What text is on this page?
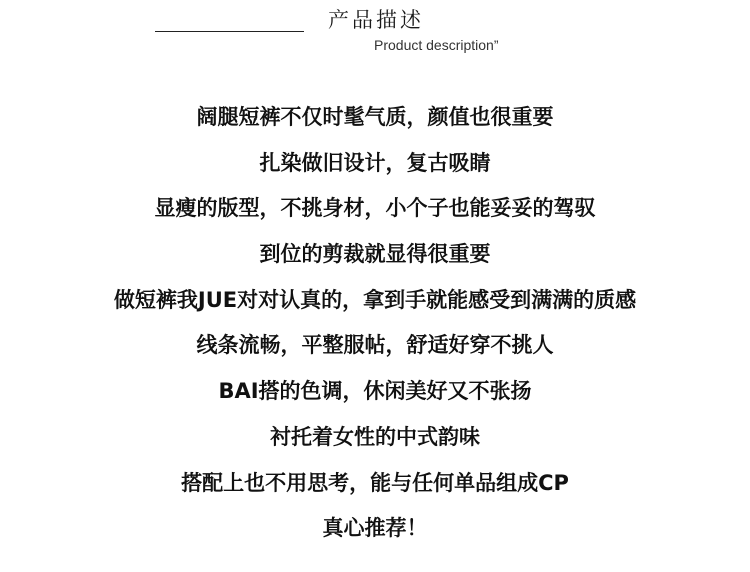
产品描述
Product description”
阔腿短裤不仅时髦气质，颜值也很重要
扎染做旧设计，复古吸睛
显瘦的版型，不挑身材，小个子也能妥妥的驾驭
到位的剪裁就显得很重要
做短裤我JUE对对认真的，拿到手就能感受到满满的质感
线条流畅，平整服帖，舒适好穿不挑人
BAI搭的色调，休闲美好又不张扬
衬托着女性的中式韵味
搭配上也不用思考，能与任何单品组成CP
真心推荐！
